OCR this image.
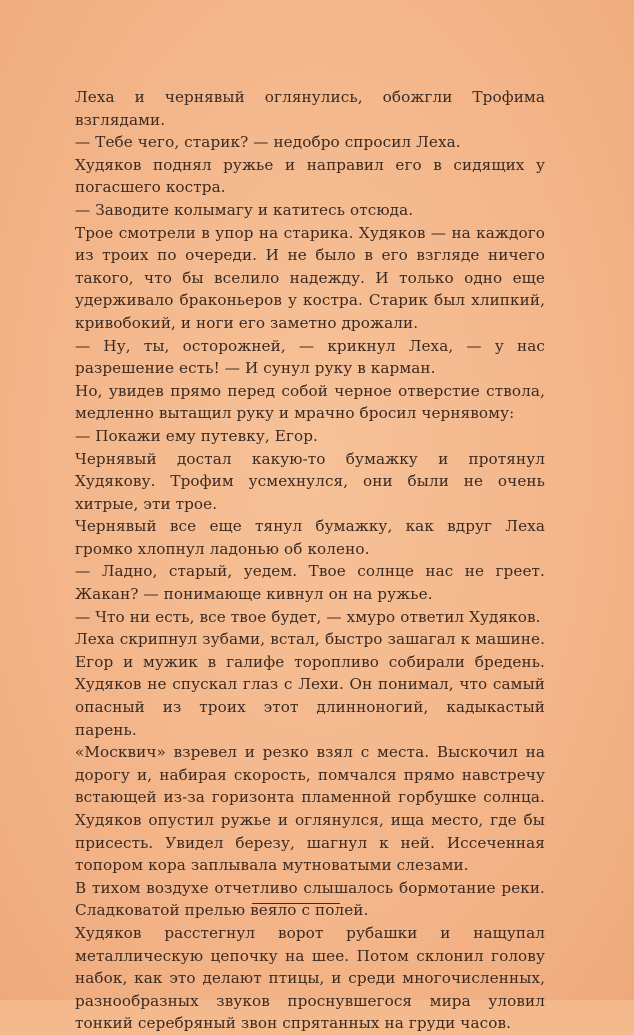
Леха и чернявый оглянулись, обожгли Трофима взглядами.

— Тебе чего, старик? — недобро спросил Леха.

Худяков поднял ружье и направил его в сидящих у погасшего костра.

— Заводите колымагу и катитесь отсюда.

Трое смотрели в упор на старика. Худяков — на каждого из троих по очереди. И не было в его взгляде ничего такого, что бы вселило надежду. И только одно еще удерживало браконьеров у костра. Старик был хлипкий, кривобокий, и ноги его заметно дрожали.

— Ну, ты, осторожней, — крикнул Леха, — у нас разрешение есть! — И сунул руку в карман.

Но, увидев прямо перед собой черное отверстие ствола, медленно вытащил руку и мрачно бросил чернявому:

— Покажи ему путевку, Егор.

Чернявый достал какую-то бумажку и протянул Худякову. Трофим усмехнулся, они были не очень хитрые, эти трое.

Чернявый все еще тянул бумажку, как вдруг Леха громко хлопнул ладонью об колено.

— Ладно, старый, уедем. Твое солнце нас не греет. Жакан? — понимающе кивнул он на ружье.

— Что ни есть, все твое будет, — хмуро ответил Худяков.

Леха скрипнул зубами, встал, быстро зашагал к машине. Егор и мужик в галифе торопливо собирали бредень. Худяков не спускал глаз с Лехи. Он понимал, что самый опасный из троих этот длинноногий, кадыкастый парень.

«Москвич» взревел и резко взял с места. Выскочил на дорогу и, набирая скорость, помчался прямо навстречу встающей из-за горизонта пламенной горбушке солнца. Худяков опустил ружье и оглянулся, ища место, где бы присесть. Увидел березу, шагнул к ней. Иссеченная топором кора заплывала мутноватыми слезами.

В тихом воздухе отчетливо слышалось бормотание реки. Сладковатой прелью веяло с полей.

Худяков расстегнул ворот рубашки и нащупал металлическую цепочку на шее. Потом склонил голову набок, как это делают птицы, и среди многочисленных, разнообразных звуков проснувшегося мира уловил тонкий серебряный звон спрятанных на груди часов.
